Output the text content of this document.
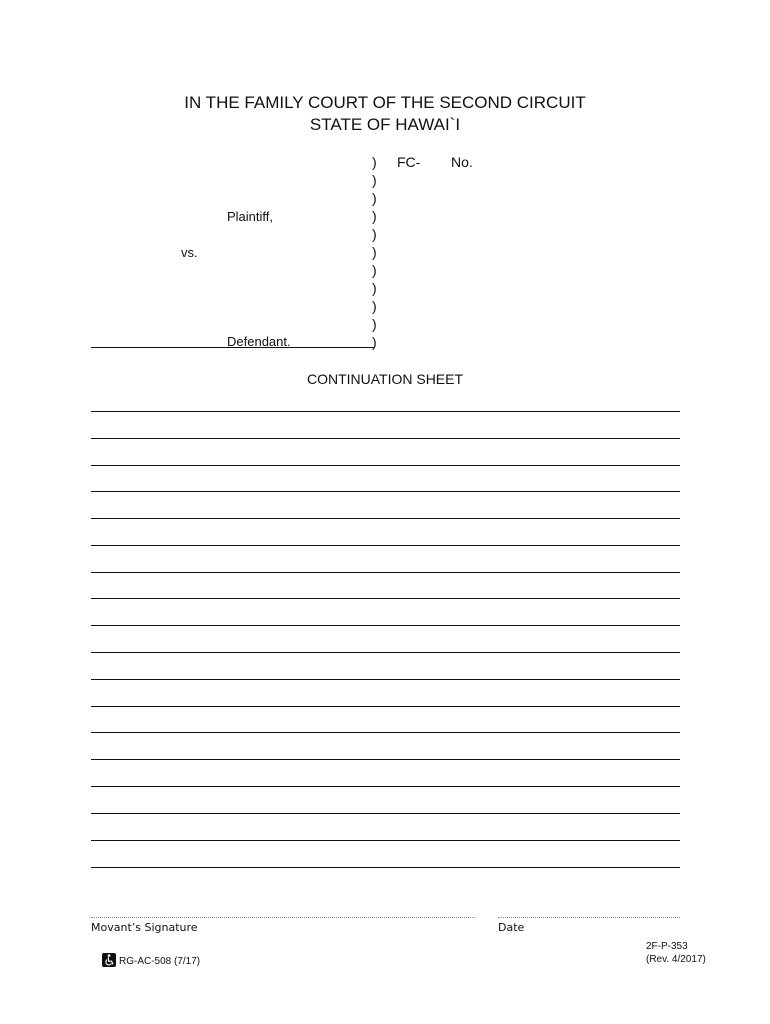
IN THE FAMILY COURT OF THE SECOND CIRCUIT
STATE OF HAWAI`I
)
)
)
)
)
)
)
)
)
)
)
FC- No.
Plaintiff,
vs.
Defendant.
CONTINUATION SHEET
Movant’s Signature	Date
RG-AC-508 (7/17)
2F-P-353
(Rev. 4/2017)
